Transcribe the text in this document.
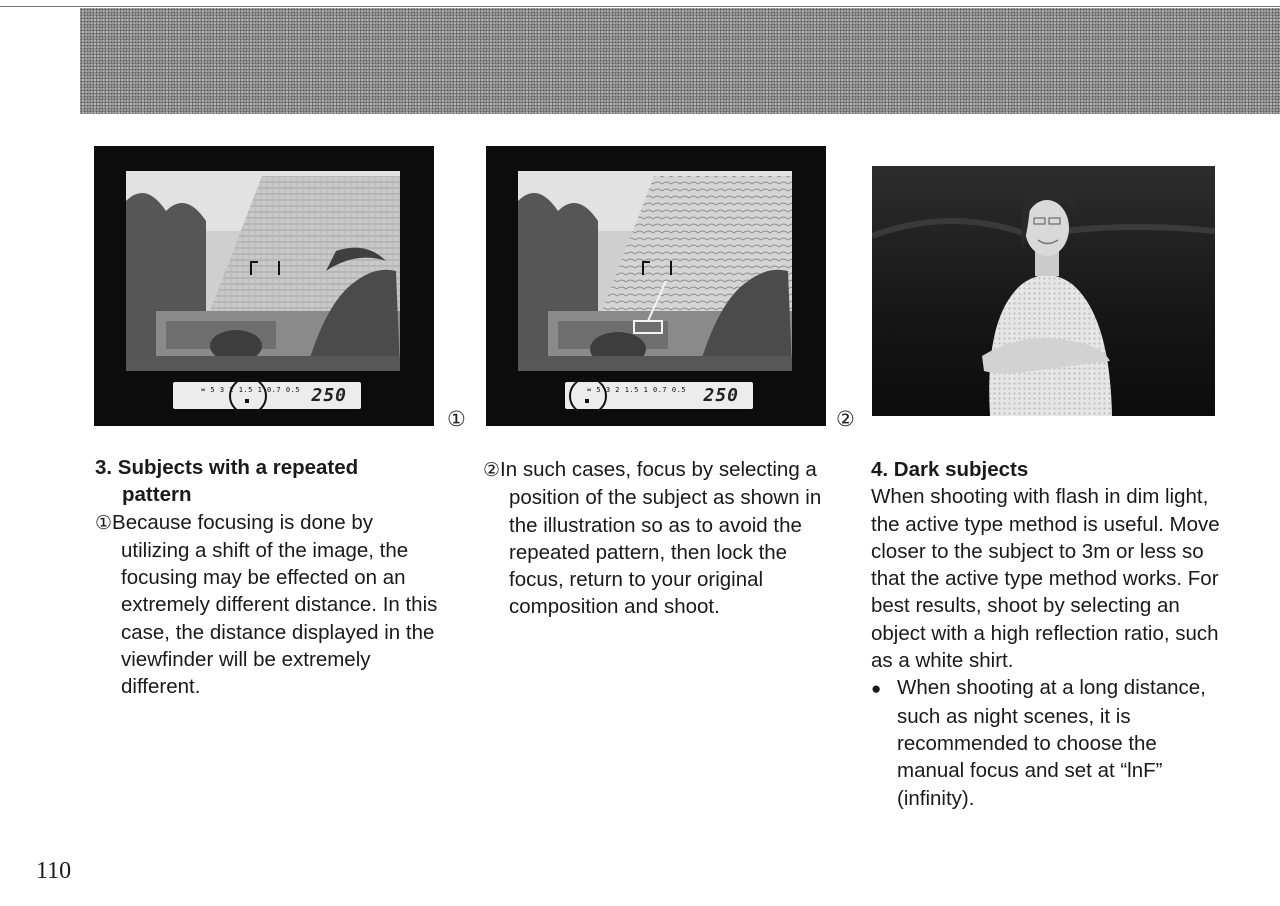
∞ 5 3 2 1.5 1 0.7 0.5 250
①
∞ 5 3 2 1.5 1 0.7 0.5 250
②

3. Subjects with a repeated
pattern

①Because focusing is done by utilizing a shift of the image, the focusing may be effected on an extremely different distance. In this case, the distance displayed in the viewfinder will be extremely different.

②In such cases, focus by selecting a position of the subject as shown in the illustration so as to avoid the repeated pattern, then lock the focus, return to your original composition and shoot.

4. Dark subjects

When shooting with flash in dim light, the active type method is useful. Move closer to the subject to 3m or less so that the active type method works. For best results, shoot by selecting an object with a high reflection ratio, such as a white shirt.

● When shooting at a long distance, such as night scenes, it is recommended to choose the manual focus and set at “lnF” (infinity).

110
